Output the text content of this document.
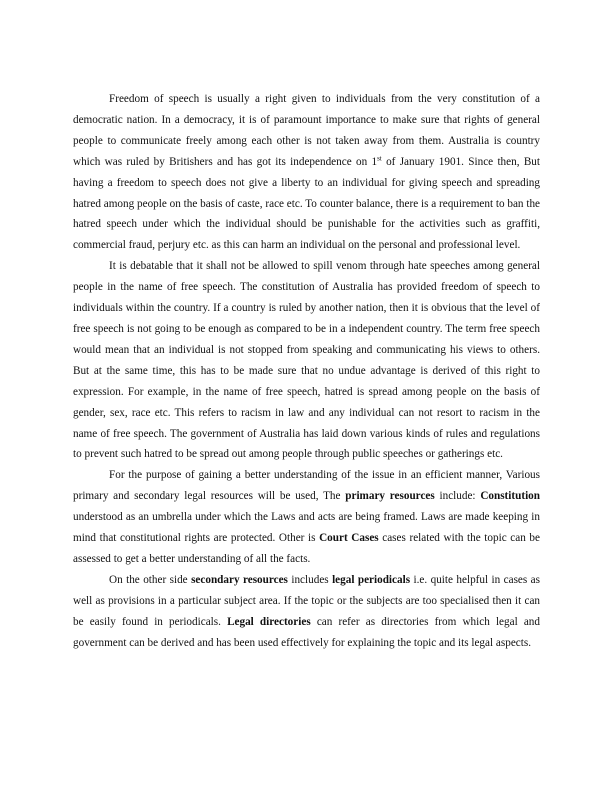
Freedom of speech is usually a right given to individuals from the very constitution of a democratic nation. In a democracy, it is of paramount importance to make sure that rights of general people to communicate freely among each other is not taken away from them. Australia is country which was ruled by Britishers and has got its independence on 1st of January 1901. Since then, But having a freedom to speech does not give a liberty to an individual for giving speech and spreading hatred among people on the basis of caste, race etc. To counter balance, there is a requirement to ban the hatred speech under which the individual should be punishable for the activities such as graffiti, commercial fraud, perjury etc. as this can harm an individual on the personal and professional level.

It is debatable that it shall not be allowed to spill venom through hate speeches among general people in the name of free speech. The constitution of Australia has provided freedom of speech to individuals within the country. If a country is ruled by another nation, then it is obvious that the level of free speech is not going to be enough as compared to be in a independent country. The term free speech would mean that an individual is not stopped from speaking and communicating his views to others. But at the same time, this has to be made sure that no undue advantage is derived of this right to expression. For example, in the name of free speech, hatred is spread among people on the basis of gender, sex, race etc. This refers to racism in law and any individual can not resort to racism in the name of free speech. The government of Australia has laid down various kinds of rules and regulations to prevent such hatred to be spread out among people through public speeches or gatherings etc.

For the purpose of gaining a better understanding of the issue in an efficient manner, Various primary and secondary legal resources will be used, The primary resources include: Constitution understood as an umbrella under which the Laws and acts are being framed. Laws are made keeping in mind that constitutional rights are protected. Other is Court Cases cases related with the topic can be assessed to get a better understanding of all the facts.

On the other side secondary resources includes legal periodicals i.e. quite helpful in cases as well as provisions in a particular subject area. If the topic or the subjects are too specialised then it can be easily found in periodicals. Legal directories can refer as directories from which legal and government can be derived and has been used effectively for explaining the topic and its legal aspects.
